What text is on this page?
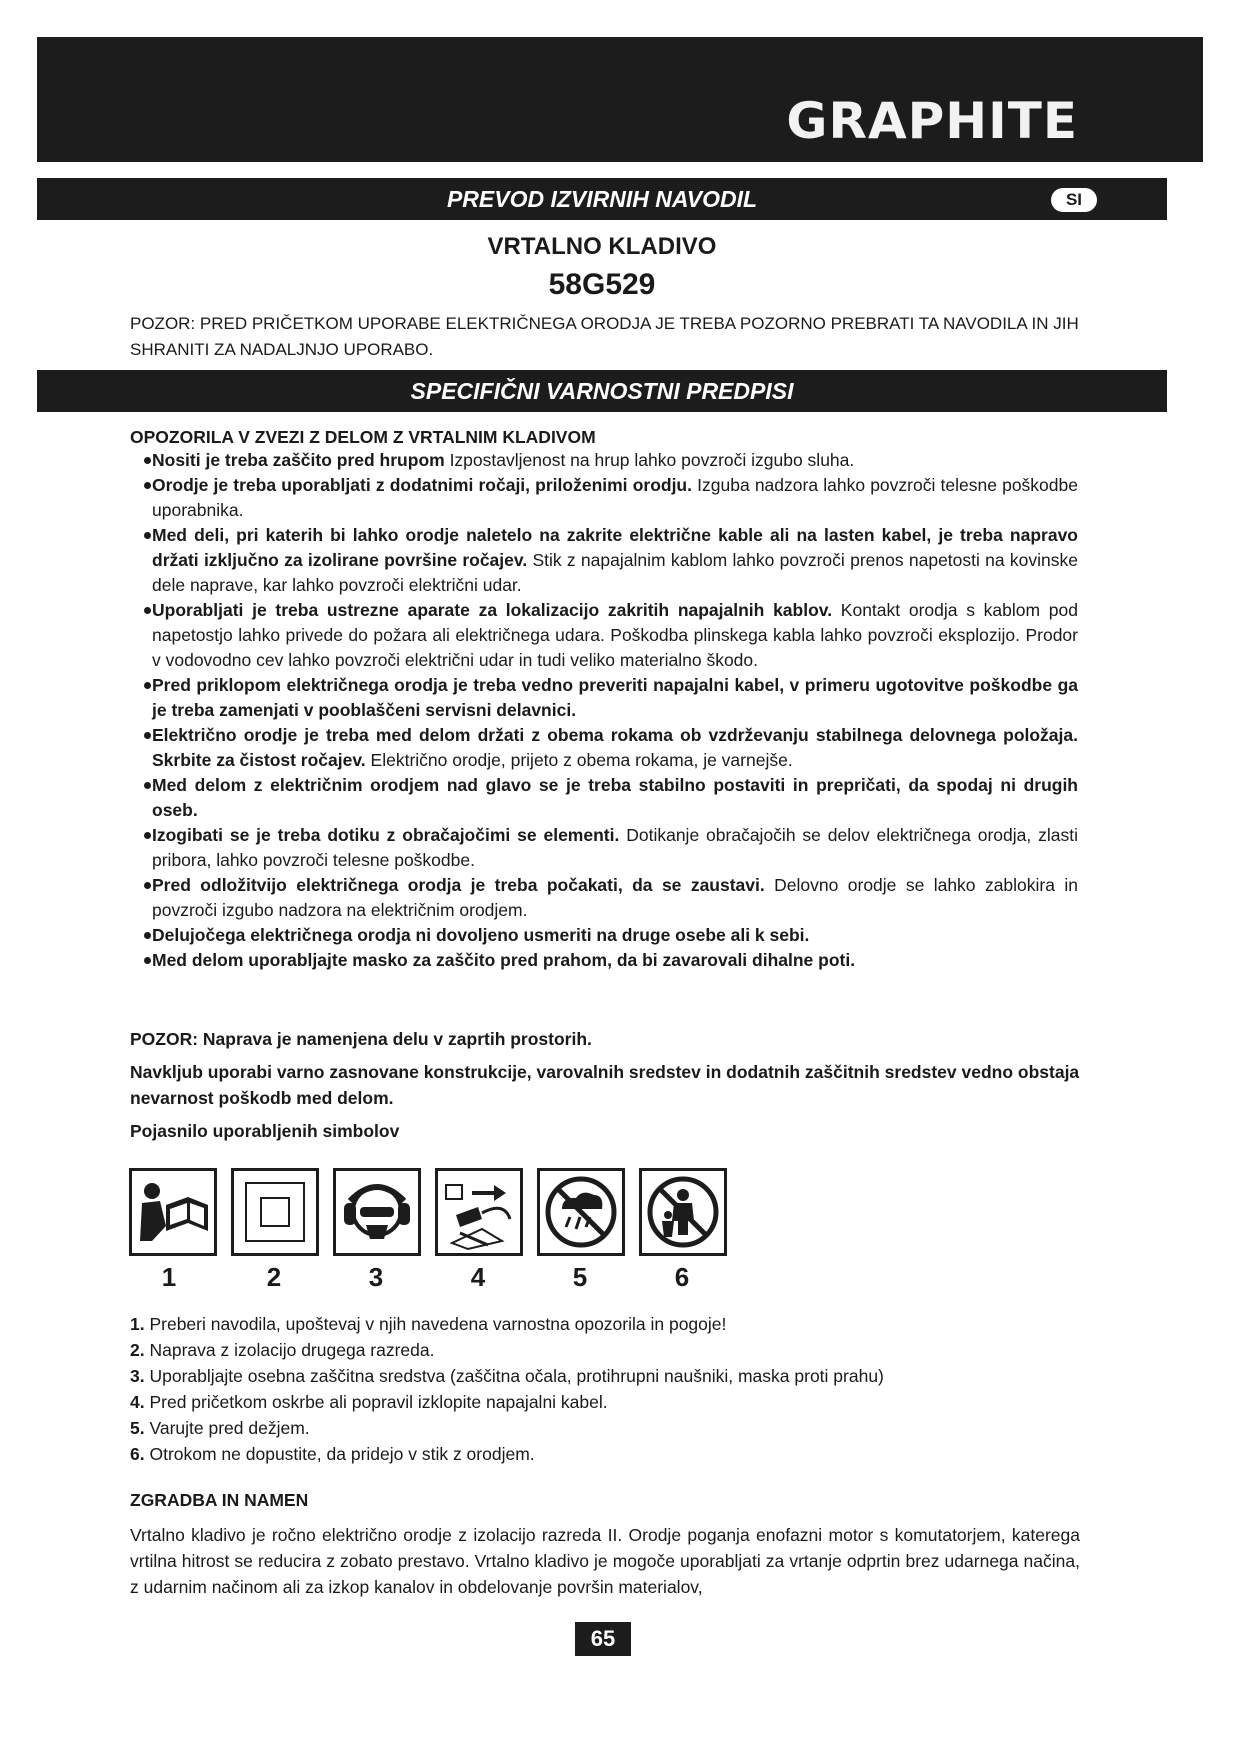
GRAPHITE
PREVOD IZVIRNIH NAVODIL	SI
VRTALNO KLADIVO
58G529
POZOR: PRED PRIČETKOM UPORABE ELEKTRIČNEGA ORODJA JE TREBA POZORNO PREBRATI TA NAVODILA IN JIH SHRANITI ZA NADALJNJO UPORABO.
SPECIFIČNI VARNOSTNI PREDPISI
OPOZORILA V ZVEZI Z DELOM Z VRTALNIM KLADIVOM
Nositi je treba zaščito pred hrupom Izpostavljenost na hrup lahko povzroči izgubo sluha.
Orodje je treba uporabljati z dodatnimi ročaji, priloženimi orodju. Izguba nadzora lahko povzroči telesne poškodbe uporabnika.
Med deli, pri katerih bi lahko orodje naletelo na zakrite električne kable ali na lasten kabel, je treba napravo držati izključno za izolirane površine ročajev. Stik z napajalnim kablom lahko povzroči prenos napetosti na kovinske dele naprave, kar lahko povzroči električni udar.
Uporabljati je treba ustrezne aparate za lokalizacijo zakritih napajalnih kablov. Kontakt orodja s kablom pod napetostjo lahko privede do požara ali električnega udara. Poškodba plinskega kabla lahko povzroči eksplozijo. Prodor v vodovodno cev lahko povzroči električni udar in tudi veliko materialno škodo.
Pred priklopom električnega orodja je treba vedno preveriti napajalni kabel, v primeru ugotovitve poškodbe ga je treba zamenjati v pooblaščeni servisni delavnici.
Električno orodje je treba med delom držati z obema rokama ob vzdrževanju stabilnega delovnega položaja. Skrbite za čistost ročajev. Električno orodje, prijeto z obema rokama, je varnejše.
Med delom z električnim orodjem nad glavo se je treba stabilno postaviti in prepričati, da spodaj ni drugih oseb.
Izogibati se je treba dotiku z obračajočimi se elementi. Dotikanje obračajočih se delov električnega orodja, zlasti pribora, lahko povzroči telesne poškodbe.
Pred odložitvijo električnega orodja je treba počakati, da se zaustavi. Delovno orodje se lahko zablokira in povzroči izgubo nadzora na električnim orodjem.
Delujočega električnega orodja ni dovoljeno usmeriti na druge osebe ali k sebi.
Med delom uporabljajte masko za zaščito pred prahom, da bi zavarovali dihalne poti.
POZOR: Naprava je namenjena delu v zaprtih prostorih.
Navkljub uporabi varno zasnovane konstrukcije, varovalnih sredstev in dodatnih zaščitnih sredstev vedno obstaja nevarnost poškodb med delom.
Pojasnilo uporabljenih simbolov
1	2	3	4	5	6
1. Preberi navodila, upoštevaj v njih navedena varnostna opozorila in pogoje!
2. Naprava z izolacijo drugega razreda.
3. Uporabljajte osebna zaščitna sredstva (zaščitna očala, protihrupni naušniki, maska proti prahu)
4. Pred pričetkom oskrbe ali popravil izklopite napajalni kabel.
5. Varujte pred dežjem.
6. Otrokom ne dopustite, da pridejo v stik z orodjem.
ZGRADBA IN NAMEN
Vrtalno kladivo je ročno električno orodje z izolacijo razreda II. Orodje poganja enofazni motor s komutatorjem, katerega vrtilna hitrost se reducira z zobato prestavo. Vrtalno kladivo je mogoče uporabljati za vrtanje odprtin brez udarnega načina, z udarnim načinom ali za izkop kanalov in obdelovanje površin materialov,
65
